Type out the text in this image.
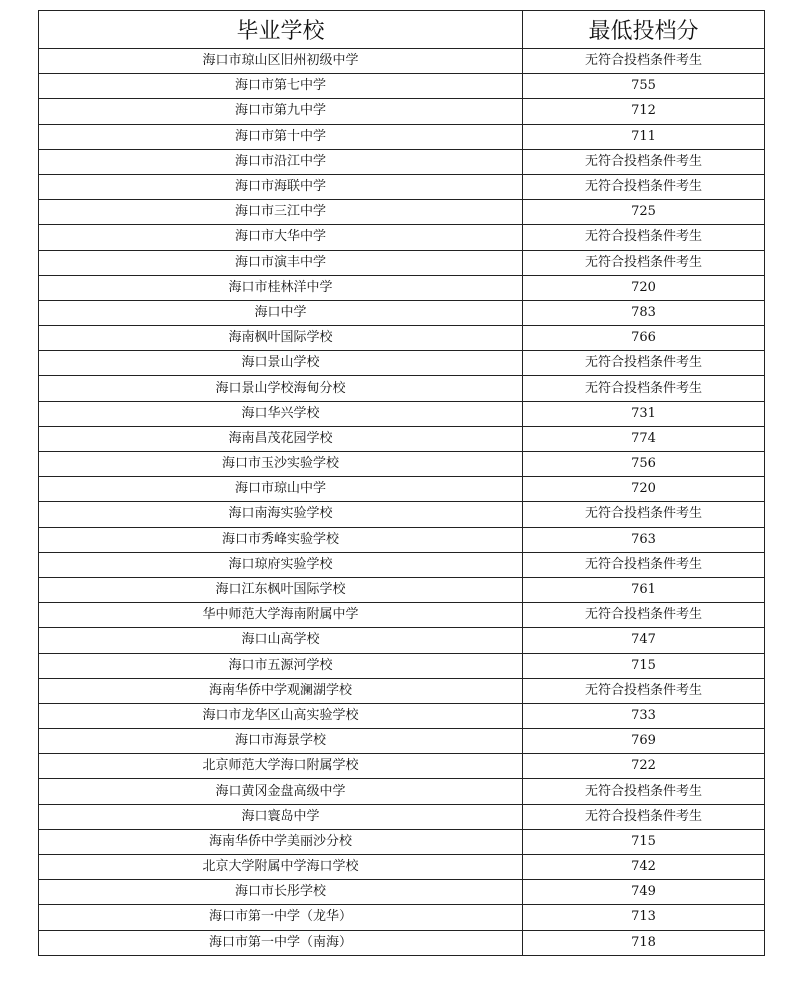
毕业学校	最低投档分
海口市琼山区旧州初级中学	无符合投档条件考生
海口市第七中学	755
海口市第九中学	712
海口市第十中学	711
海口市沿江中学	无符合投档条件考生
海口市海联中学	无符合投档条件考生
海口市三江中学	725
海口市大华中学	无符合投档条件考生
海口市演丰中学	无符合投档条件考生
海口市桂林洋中学	720
海口中学	783
海南枫叶国际学校	766
海口景山学校	无符合投档条件考生
海口景山学校海甸分校	无符合投档条件考生
海口华兴学校	731
海南昌茂花园学校	774
海口市玉沙实验学校	756
海口市琼山中学	720
海口南海实验学校	无符合投档条件考生
海口市秀峰实验学校	763
海口琼府实验学校	无符合投档条件考生
海口江东枫叶国际学校	761
华中师范大学海南附属中学	无符合投档条件考生
海口山高学校	747
海口市五源河学校	715
海南华侨中学观澜湖学校	无符合投档条件考生
海口市龙华区山高实验学校	733
海口市海景学校	769
北京师范大学海口附属学校	722
海口黄冈金盘高级中学	无符合投档条件考生
海口寰岛中学	无符合投档条件考生
海南华侨中学美丽沙分校	715
北京大学附属中学海口学校	742
海口市长彤学校	749
海口市第一中学（龙华）	713
海口市第一中学（南海）	718
